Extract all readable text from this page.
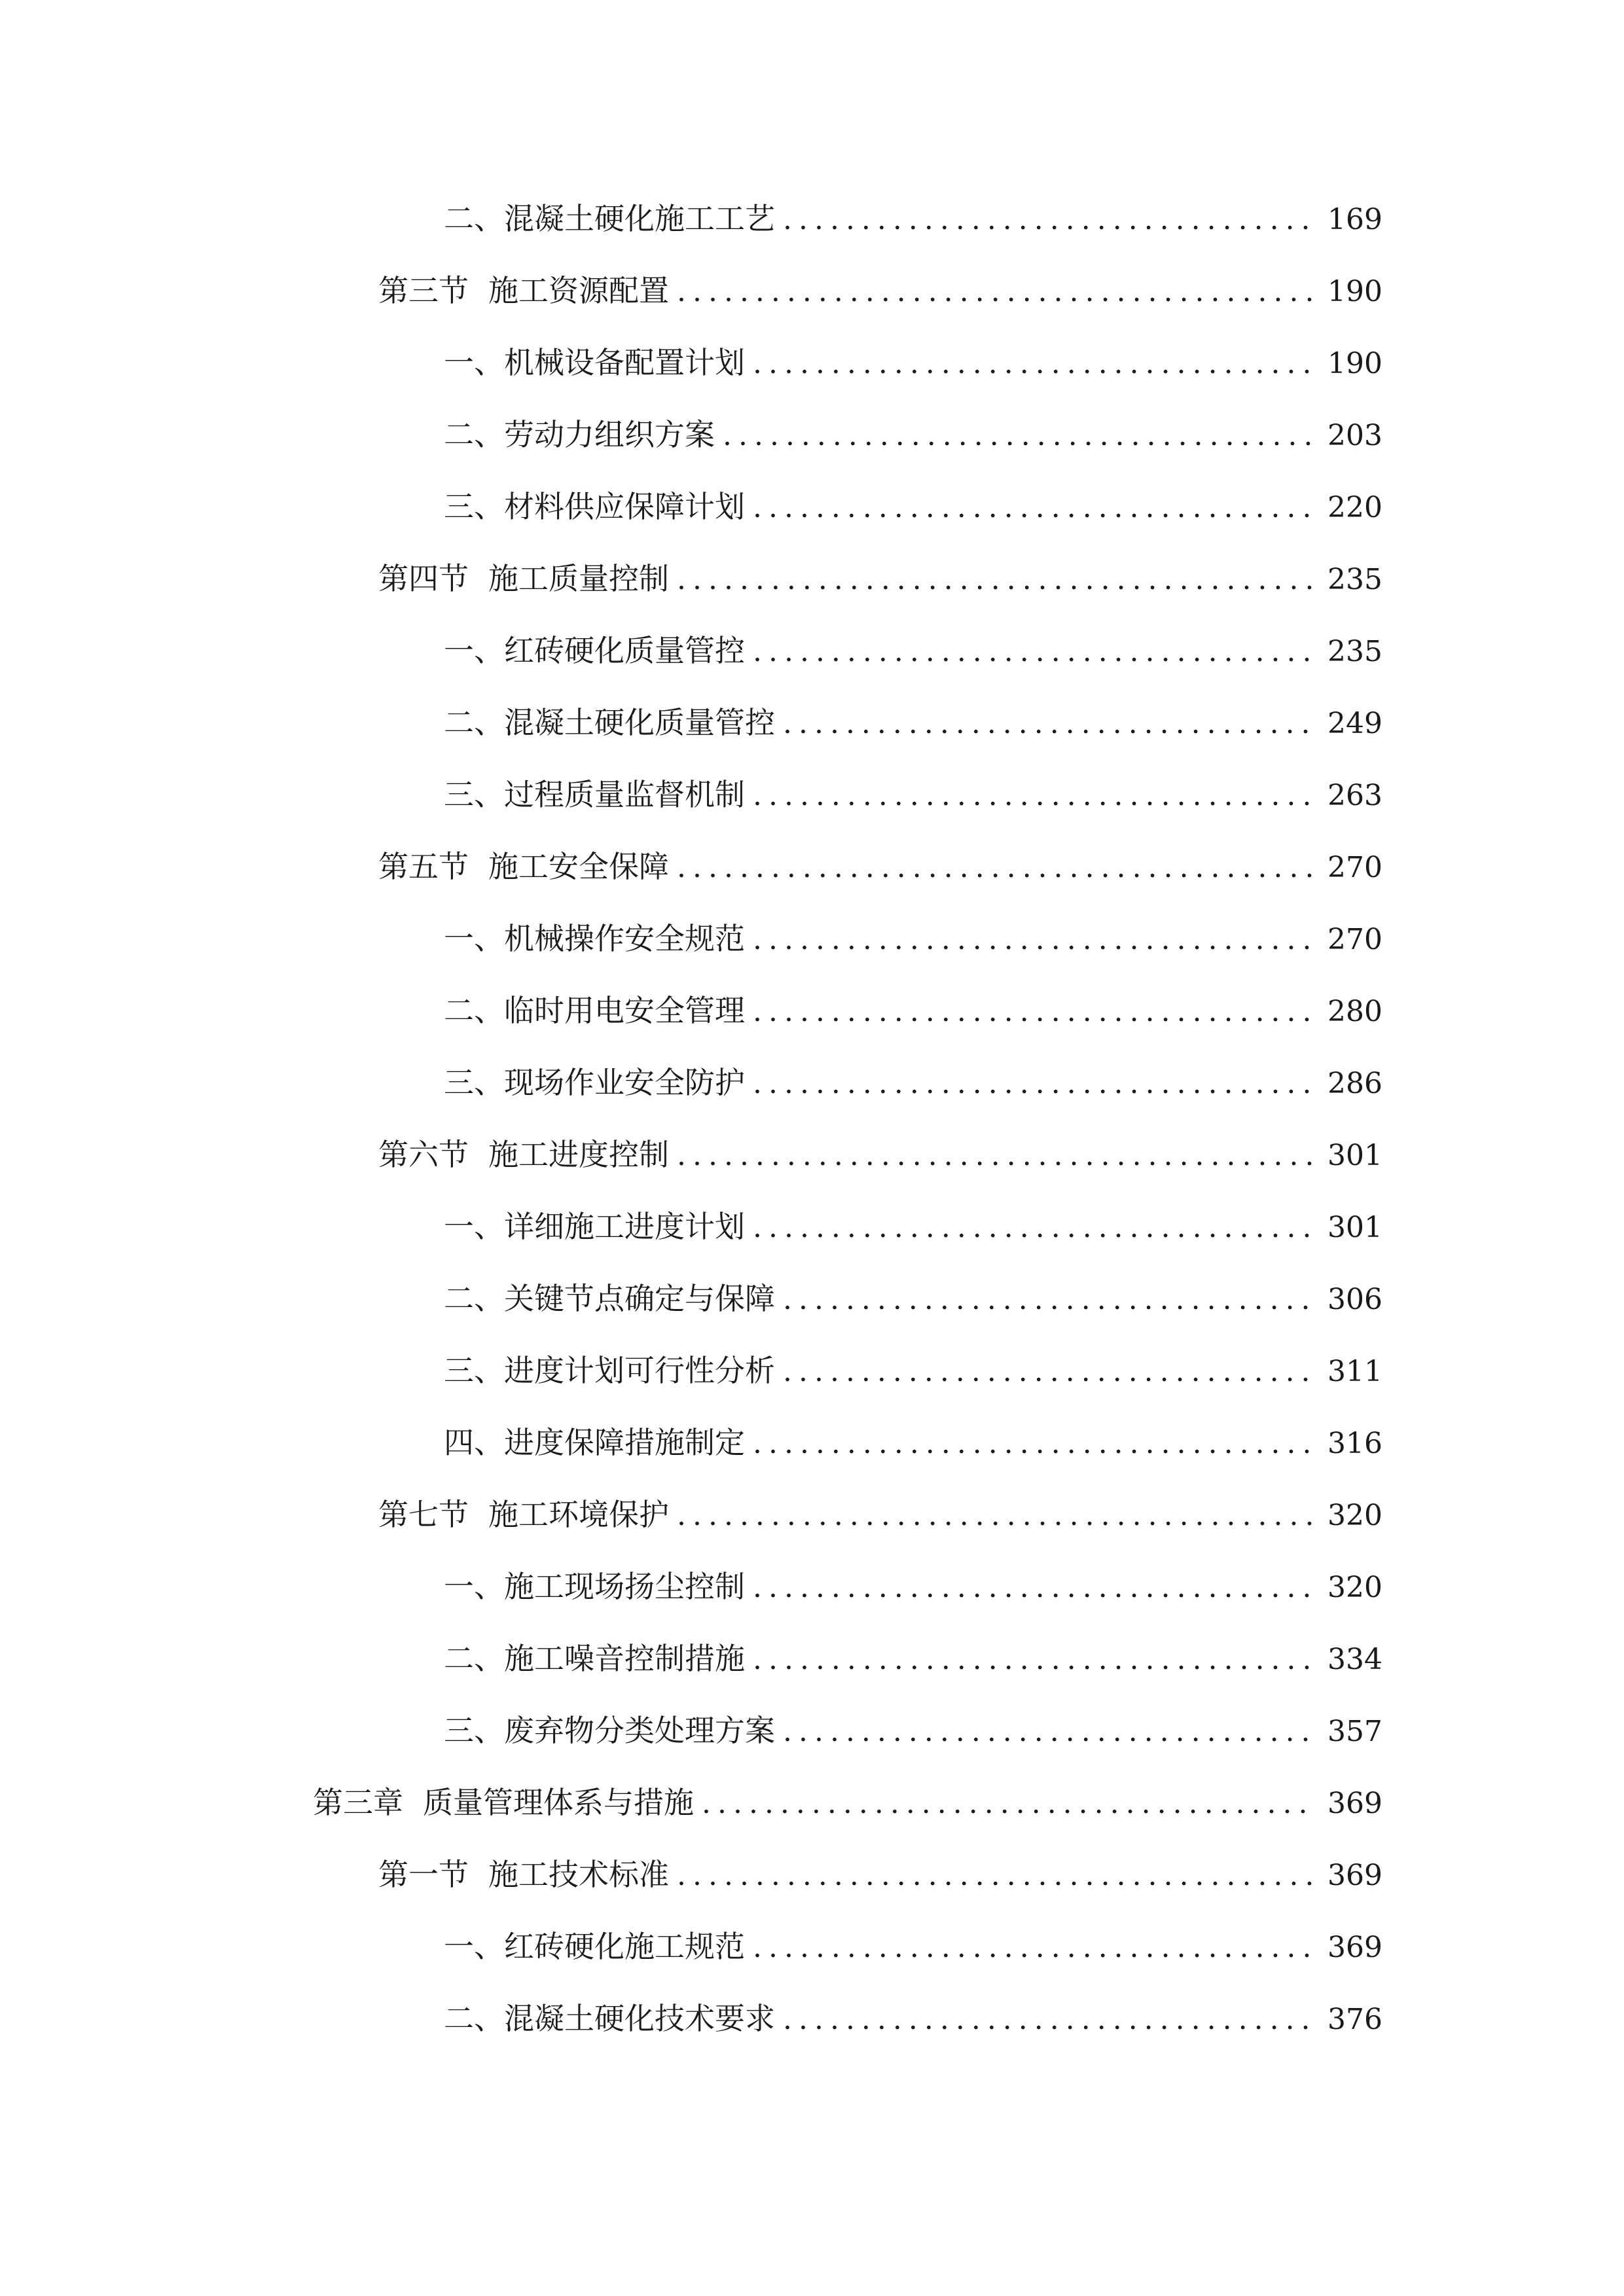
二、 混凝土硬化施工工艺 .....	169
第三节 施工资源配置 .....	190
一、 机械设备配置计划 .....	190
二、 劳动力组织方案 .....	203
三、 材料供应保障计划 .....	220
第四节 施工质量控制 .....	235
一、 红砖硬化质量管控 .....	235
二、 混凝土硬化质量管控 .....	249
三、 过程质量监督机制 .....	263
第五节 施工安全保障 .....	270
一、 机械操作安全规范 .....	270
二、 临时用电安全管理 .....	280
三、 现场作业安全防护 .....	286
第六节 施工进度控制 .....	301
一、 详细施工进度计划 .....	301
二、 关键节点确定与保障 .....	306
三、 进度计划可行性分析 .....	311
四、 进度保障措施制定 .....	316
第七节 施工环境保护 .....	320
一、 施工现场扬尘控制 .....	320
二、 施工噪音控制措施 .....	334
三、 废弃物分类处理方案 .....	357
第三章 质量管理体系与措施 .....	369
第一节 施工技术标准 .....	369
一、 红砖硬化施工规范 .....	369
二、 混凝土硬化技术要求 .....	376
